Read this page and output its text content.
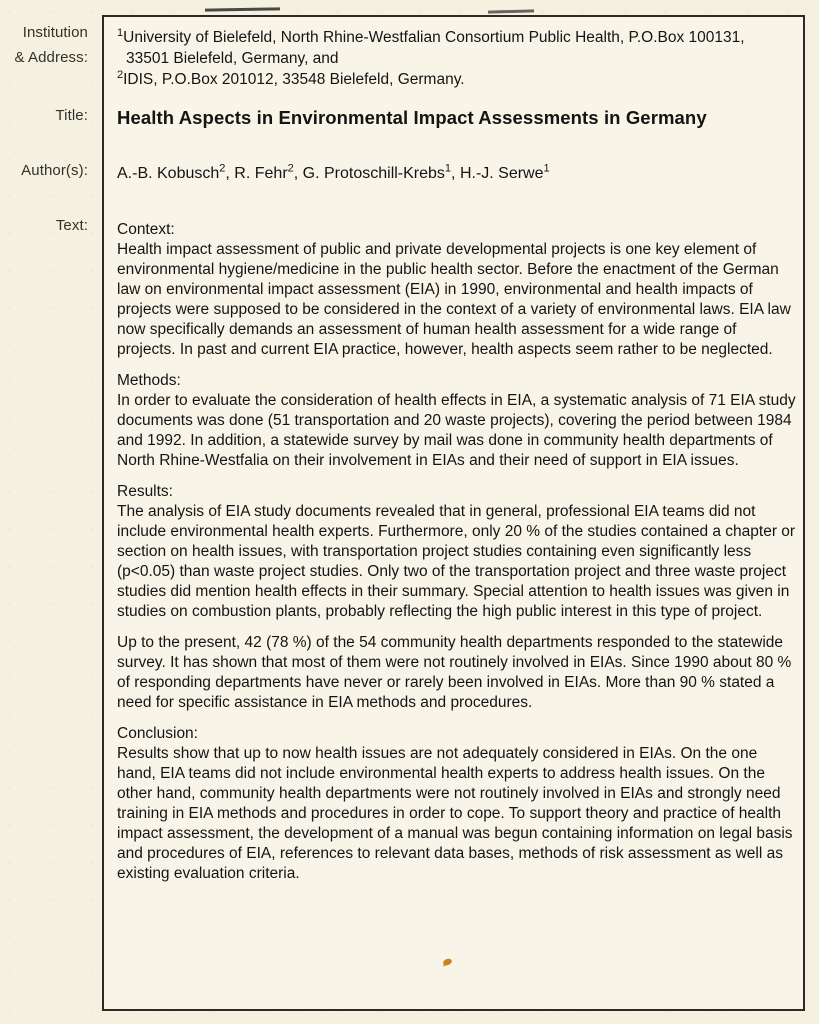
Institution
& Address:
Title:
Author(s):
Text:
$^1$University of Bielefeld, North Rhine-Westfalian Consortium Public Health, P.O.Box 100131,
33501 Bielefeld, Germany, and
$^2$IDIS, P.O.Box 201012, 33548 Bielefeld, Germany.
Health Aspects in Environmental Impact Assessments in Germany
A.-B. Kobusch$^2$, R. Fehr$^2$, G. Protoschill-Krebs$^1$, H.-J. Serwe$^1$
Context:
Health impact assessment of public and private developmental projects is one key element of environmental hygiene/medicine in the public health sector. Before the enactment of the German law on environmental impact assessment (EIA) in 1990, environmental and health impacts of projects were supposed to be considered in the context of a variety of environmental laws. EIA law now specifically demands an assessment of human health assessment for a wide range of projects. In past and current EIA practice, however, health aspects seem rather to be neglected.
Methods:
In order to evaluate the consideration of health effects in EIA, a systematic analysis of 71 EIA study documents was done (51 transportation and 20 waste projects), covering the period between 1984 and 1992. In addition, a statewide survey by mail was done in community health departments of North Rhine-Westfalia on their involvement in EIAs and their need of support in EIA issues.
Results:
The analysis of EIA study documents revealed that in general, professional EIA teams did not include environmental health experts. Furthermore, only 20 % of the studies contained a chapter or section on health issues, with transportation project studies containing even significantly less (p<0.05) than waste project studies. Only two of the transportation project and three waste project studies did mention health effects in their summary. Special attention to health issues was given in studies on combustion plants, probably reflecting the high public interest in this type of project.
Up to the present, 42 (78 %) of the 54 community health departments responded to the statewide survey. It has shown that most of them were not routinely involved in EIAs. Since 1990 about 80 % of responding departments have never or rarely been involved in EIAs. More than 90 % stated a need for specific assistance in EIA methods and procedures.
Conclusion:
Results show that up to now health issues are not adequately considered in EIAs. On the one hand, EIA teams did not include environmental health experts to address health issues. On the other hand, community health departments were not routinely involved in EIAs and strongly need training in EIA methods and procedures in order to cope. To support theory and practice of health impact assessment, the development of a manual was begun containing information on legal basis and procedures of EIA, references to relevant data bases, methods of risk assessment as well as existing evaluation criteria.
